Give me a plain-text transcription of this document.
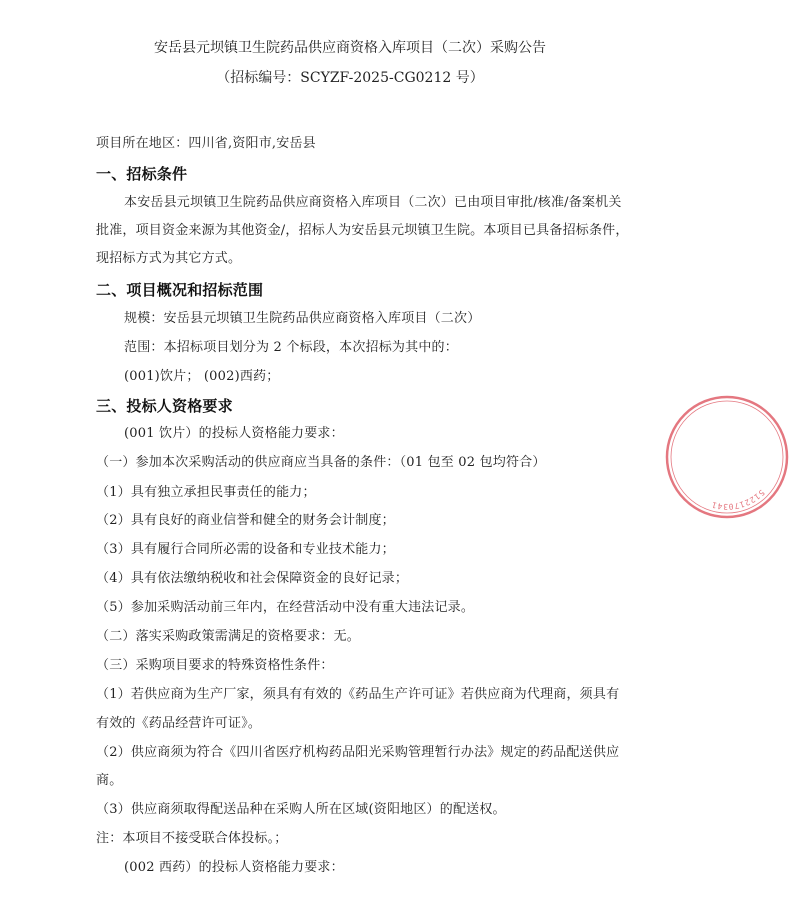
安岳县元坝镇卫生院药品供应商资格入库项目（二次）采购公告
（招标编号：SCYZF-2025-CG0212 号）
项目所在地区：四川省,资阳市,安岳县
一、招标条件
本安岳县元坝镇卫生院药品供应商资格入库项目（二次）已由项目审批/核准/备案机关
批准，项目资金来源为其他资金/，招标人为安岳县元坝镇卫生院。本项目已具备招标条件，
现招标方式为其它方式。
二、项目概况和招标范围
规模：安岳县元坝镇卫生院药品供应商资格入库项目（二次）
范围：本招标项目划分为 2 个标段，本次招标为其中的：
(001)饮片； (002)西药；
三、投标人资格要求
(001 饮片）的投标人资格能力要求：
（一）参加本次采购活动的供应商应当具备的条件：（01 包至 02 包均符合）
（1）具有独立承担民事责任的能力；
（2）具有良好的商业信誉和健全的财务会计制度；
（3）具有履行合同所必需的设备和专业技术能力；
（4）具有依法缴纳税收和社会保障资金的良好记录；
（5）参加采购活动前三年内，在经营活动中没有重大违法记录。
（二）落实采购政策需满足的资格要求：无。
（三）采购项目要求的特殊资格性条件：
（1）若供应商为生产厂家，须具有有效的《药品生产许可证》若供应商为代理商，须具有
有效的《药品经营许可证》。
（2）供应商须为符合《四川省医疗机构药品阳光采购管理暂行办法》规定的药品配送供应
商。
（3）供应商须取得配送品种在采购人所在区域(资阳地区）的配送权。
注：本项目不接受联合体投标。；
(002 西药）的投标人资格能力要求：
5122170341
